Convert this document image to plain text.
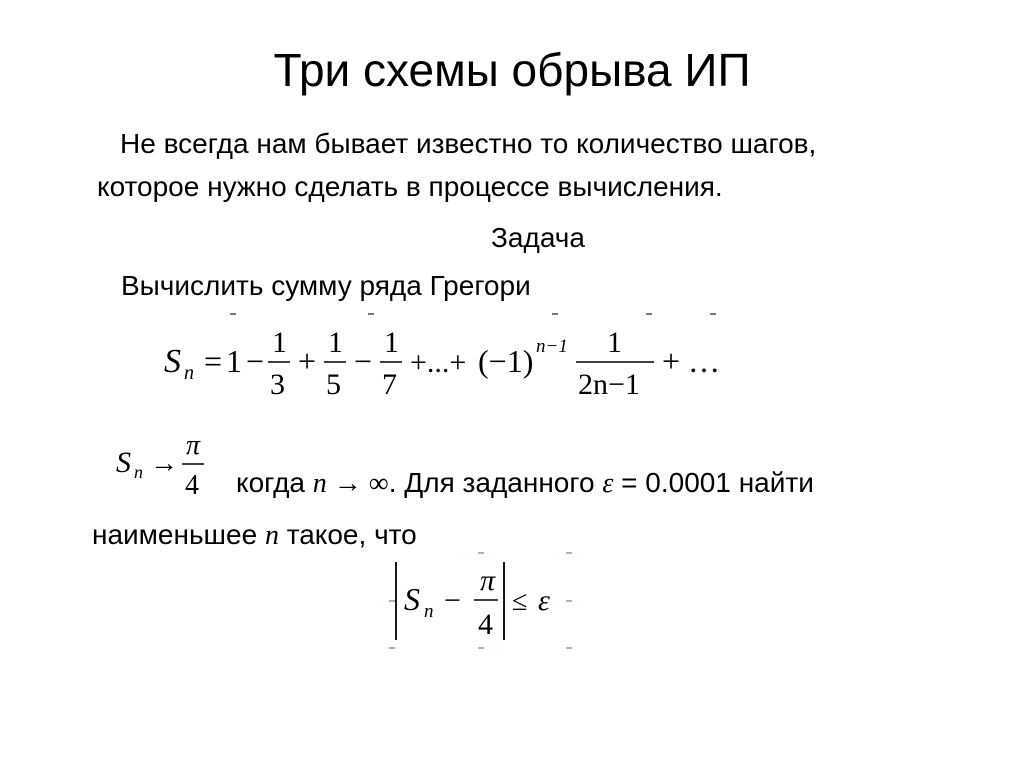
Три схемы обрыва ИП
Не всегда нам бывает известно то количество шагов,
которое нужно сделать в процессе вычисления.
Задача
Вычислить сумму ряда Грегори
S n = 1 −
1
3
+
1
5
−
1
7
+...+ (−1) n−1 1
2n−1
+ …
S n →
π
4 когда n → ∞. Для заданного ε = 0.0001 найти
наименьшее n такое, что
S n −
π
4
≤ ε
